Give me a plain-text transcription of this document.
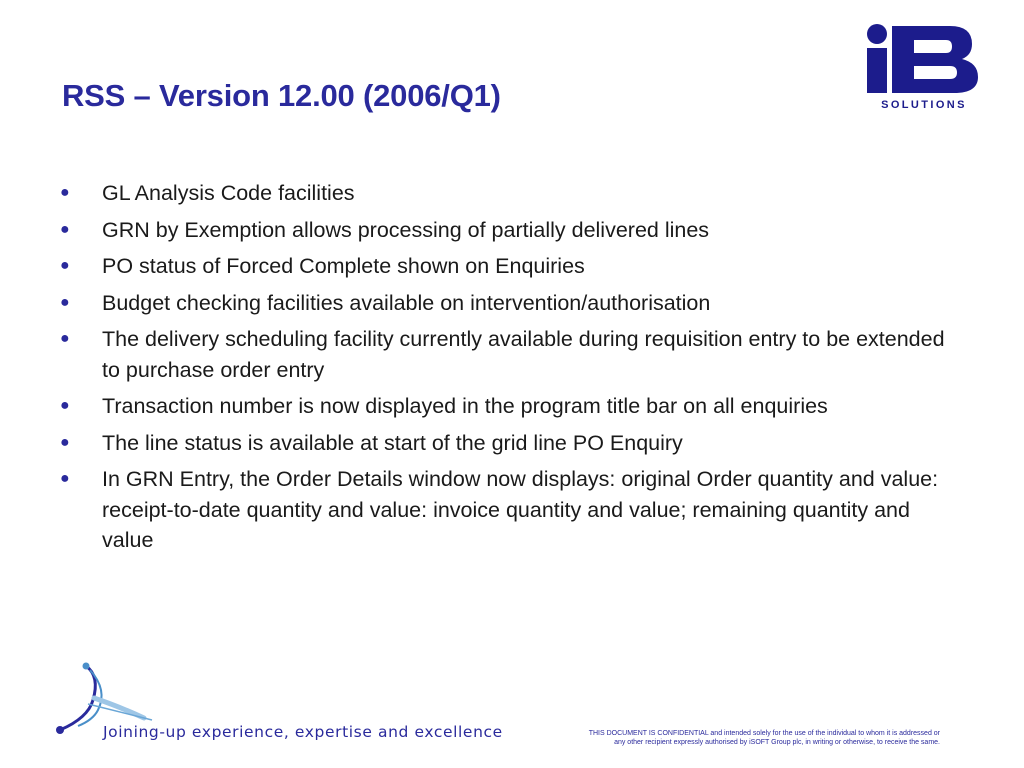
RSS – Version 12.00 (2006/Q1)	SOLUTIONS
● GL Analysis Code facilities
● GRN by Exemption allows processing of partially delivered lines
● PO status of Forced Complete shown on Enquiries
● Budget checking facilities available on intervention/authorisation
● The delivery scheduling facility currently available during requisition entry to be extended to purchase order entry
● Transaction number is now displayed in the program title bar on all enquiries
● The line status is available at start of the grid line PO Enquiry
● In GRN Entry, the Order Details window now displays: original Order quantity and value: receipt-to-date quantity and value: invoice quantity and value; remaining quantity and value
Joining-up experience, expertise and excellence	THIS DOCUMENT IS CONFIDENTIAL and intended solely for the use of the individual to whom it is addressed or
any other recipient expressly authorised by iSOFT Group plc, in writing or otherwise, to receive the same.
